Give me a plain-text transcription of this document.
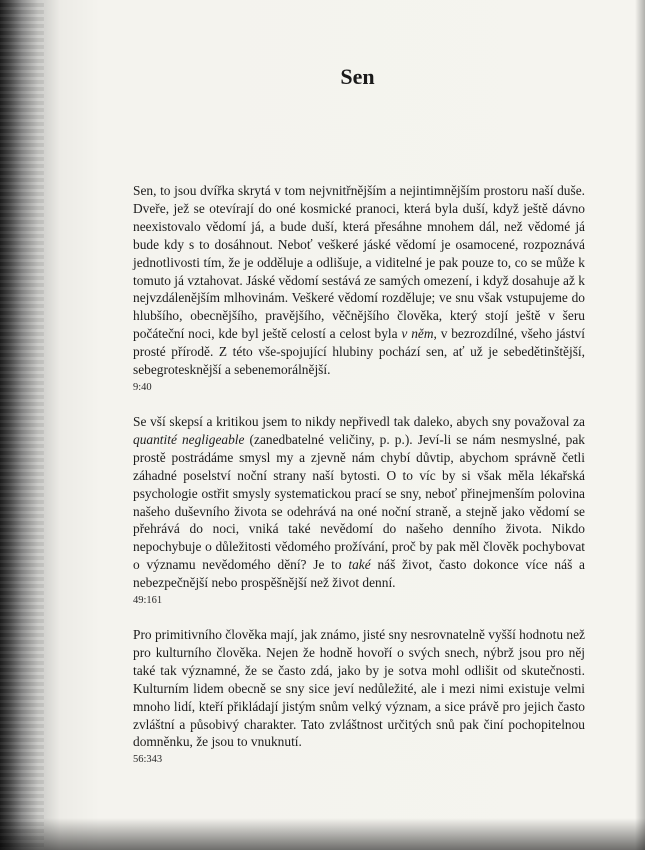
Sen

Sen, to jsou dvířka skrytá v tom nejvnitřnějším a nejintimnějším prostoru naší duše. Dveře, jež se otevírají do oné kosmické pranoci, která byla duší, když ještě dávno neexistovalo vědomí já, a bude duší, která přesáhne mnohem dál, než vědomé já bude kdy s to dosáhnout. Neboť veškeré jáské vědomí je osamocené, rozpoznává jednotlivosti tím, že je odděluje a odlišuje, a viditelné je pak pouze to, co se může k tomuto já vztahovat. Jáské vědomí sestává ze samých omezení, i když dosahuje až k nejvzdálenějším mlhovinám. Veškeré vědomí rozděluje; ve snu však vstupujeme do hlubšího, obecnějšího, pravějšího, věčnějšího člověka, který stojí ještě v šeru počáteční noci, kde byl ještě celostí a celost byla v něm, v bezrozdílné, všeho jáství prosté přírodě. Z této vše-spojující hlubiny pochází sen, ať už je sebedětinštější, sebegrotesknější a sebenemorálnější.

9:40

Se vší skepsí a kritikou jsem to nikdy nepřivedl tak daleko, abych sny považoval za quantité negligeable (zanedbatelné veličiny, p. p.). Jeví-li se nám nesmyslné, pak prostě postrádáme smysl my a zjevně nám chybí důvtip, abychom správně četli záhadné poselství noční strany naší bytosti. O to víc by si však měla lékařská psychologie ostřit smysly systematickou prací se sny, neboť přinejmenším polovina našeho duševního života se odehrává na oné noční straně, a stejně jako vědomí se přehrává do noci, vniká také nevědomí do našeho denního života. Nikdo nepochybuje o důležitosti vědomého prožívání, proč by pak měl člověk pochybovat o významu nevědomého dění? Je to také náš život, často dokonce více náš a nebezpečnější nebo prospěšnější než život denní.

49:161

Pro primitivního člověka mají, jak známo, jisté sny nesrovnatelně vyšší hodnotu než pro kulturního člověka. Nejen že hodně hovoří o svých snech, nýbrž jsou pro něj také tak významné, že se často zdá, jako by je sotva mohl odlišit od skutečnosti. Kulturním lidem obecně se sny sice jeví nedůležité, ale i mezi nimi existuje velmi mnoho lidí, kteří přikládají jistým snům velký význam, a sice právě pro jejich často zvláštní a působivý charakter. Tato zvláštnost určitých snů pak činí pochopitelnou domněnku, že jsou to vnuknutí.

56:343
